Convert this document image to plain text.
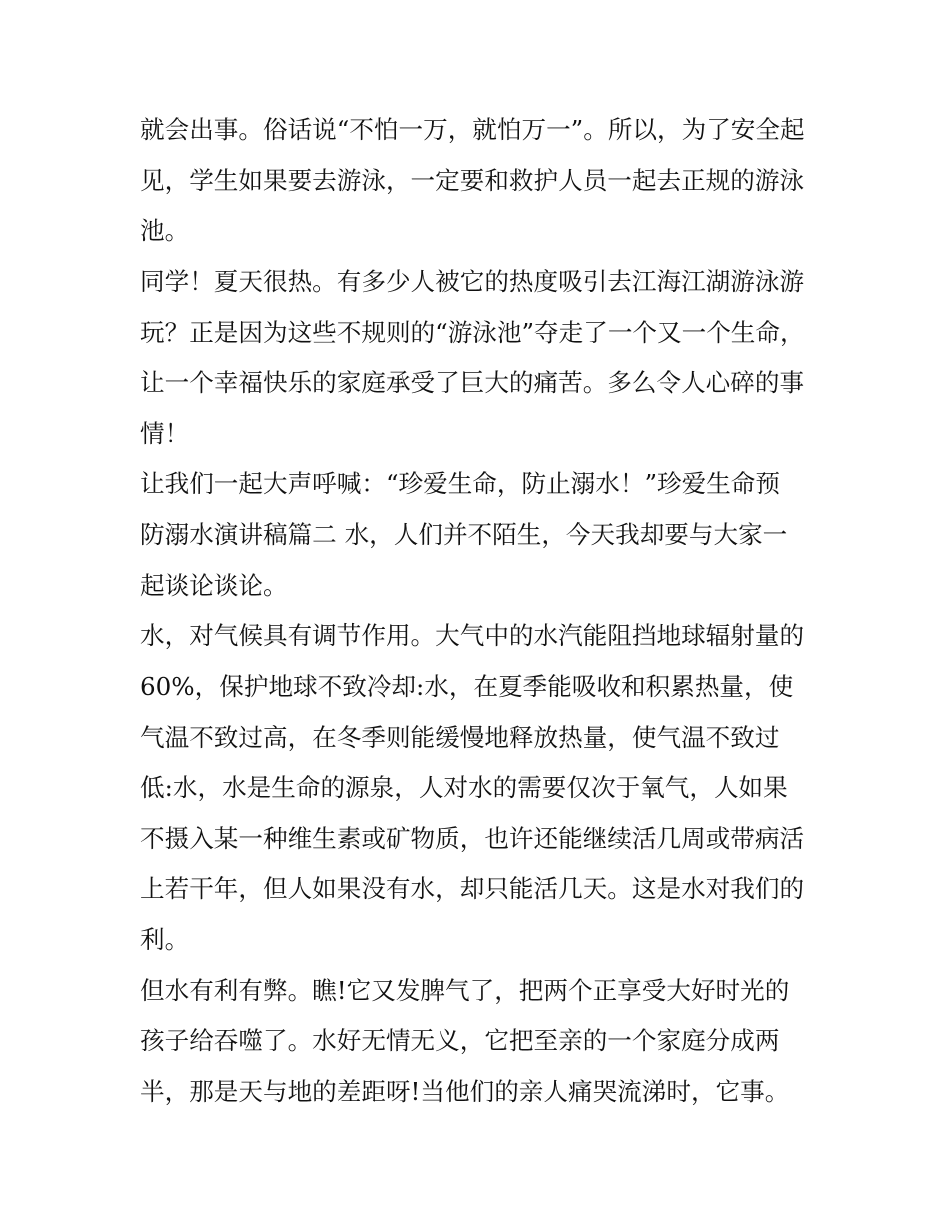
就会出事。俗话说“不怕一万，就怕万一”。所以，为了安全起
见，学生如果要去游泳，一定要和救护人员一起去正规的游泳
池。
同学！夏天很热。有多少人被它的热度吸引去江海江湖游泳游
玩？正是因为这些不规则的“游泳池”夺走了一个又一个生命，
让一个幸福快乐的家庭承受了巨大的痛苦。多么令人心碎的事
情！
让我们一起大声呼喊：“珍爱生命，防止溺水！”珍爱生命预
防溺水演讲稿篇二 水，人们并不陌生，今天我却要与大家一
起谈论谈论。
水，对气候具有调节作用。大气中的水汽能阻挡地球辐射量的
60%，保护地球不致冷却:水，在夏季能吸收和积累热量，使
气温不致过高，在冬季则能缓慢地释放热量，使气温不致过
低:水，水是生命的源泉，人对水的需要仅次于氧气，人如果
不摄入某一种维生素或矿物质，也许还能继续活几周或带病活
上若干年，但人如果没有水，却只能活几天。这是水对我们的
利。
但水有利有弊。瞧!它又发脾气了，把两个正享受大好时光的
孩子给吞噬了。水好无情无义，它把至亲的一个家庭分成两
半，那是天与地的差距呀!当他们的亲人痛哭流涕时，它事。
